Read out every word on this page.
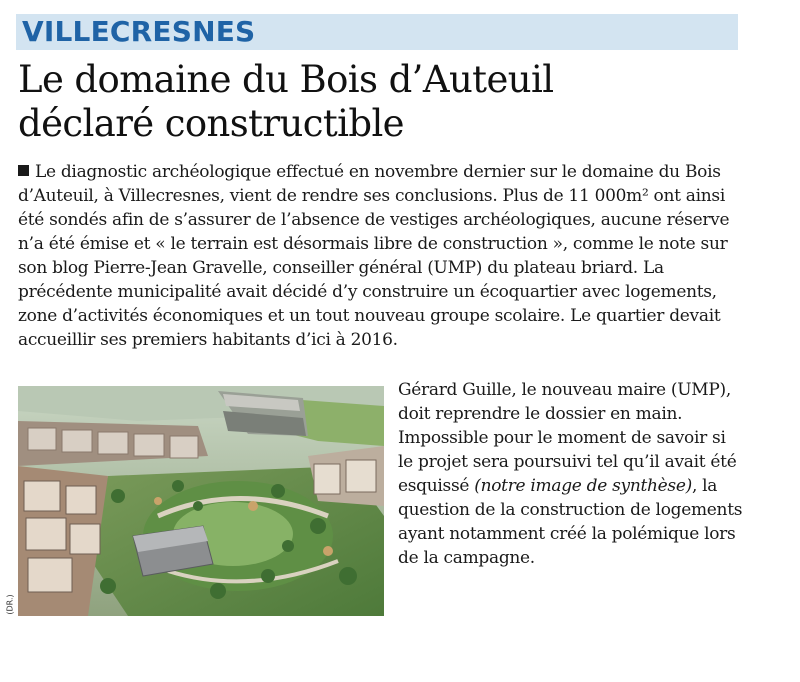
VILLECRESNES
Le domaine du Bois d’Auteuil
déclaré constructible

Le diagnostic archéologique effectué en novembre dernier sur le domaine du Bois d’Auteuil, à Villecresnes, vient de rendre ses conclusions. Plus de 11 000m² ont ainsi été sondés afin de s’assurer de l’absence de vestiges archéologiques, aucune réserve n’a été émise et « le terrain est désormais libre de construction », comme le note sur son blog Pierre-Jean Gravelle, conseiller général (UMP) du plateau briard. La précédente municipalité avait décidé d’y construire un écoquartier avec logements, zone d’activités économiques et un tout nouveau groupe scolaire. Le quartier devait accueillir ses premiers habitants d’ici à 2016.

(DR.)

Gérard Guille, le nouveau maire (UMP), doit reprendre le dossier en main. Impossible pour le moment de savoir si le projet sera poursuivi tel qu’il avait été esquissé (notre image de synthèse), la question de la construction de logements ayant notamment créé la polémique lors de la campagne.
